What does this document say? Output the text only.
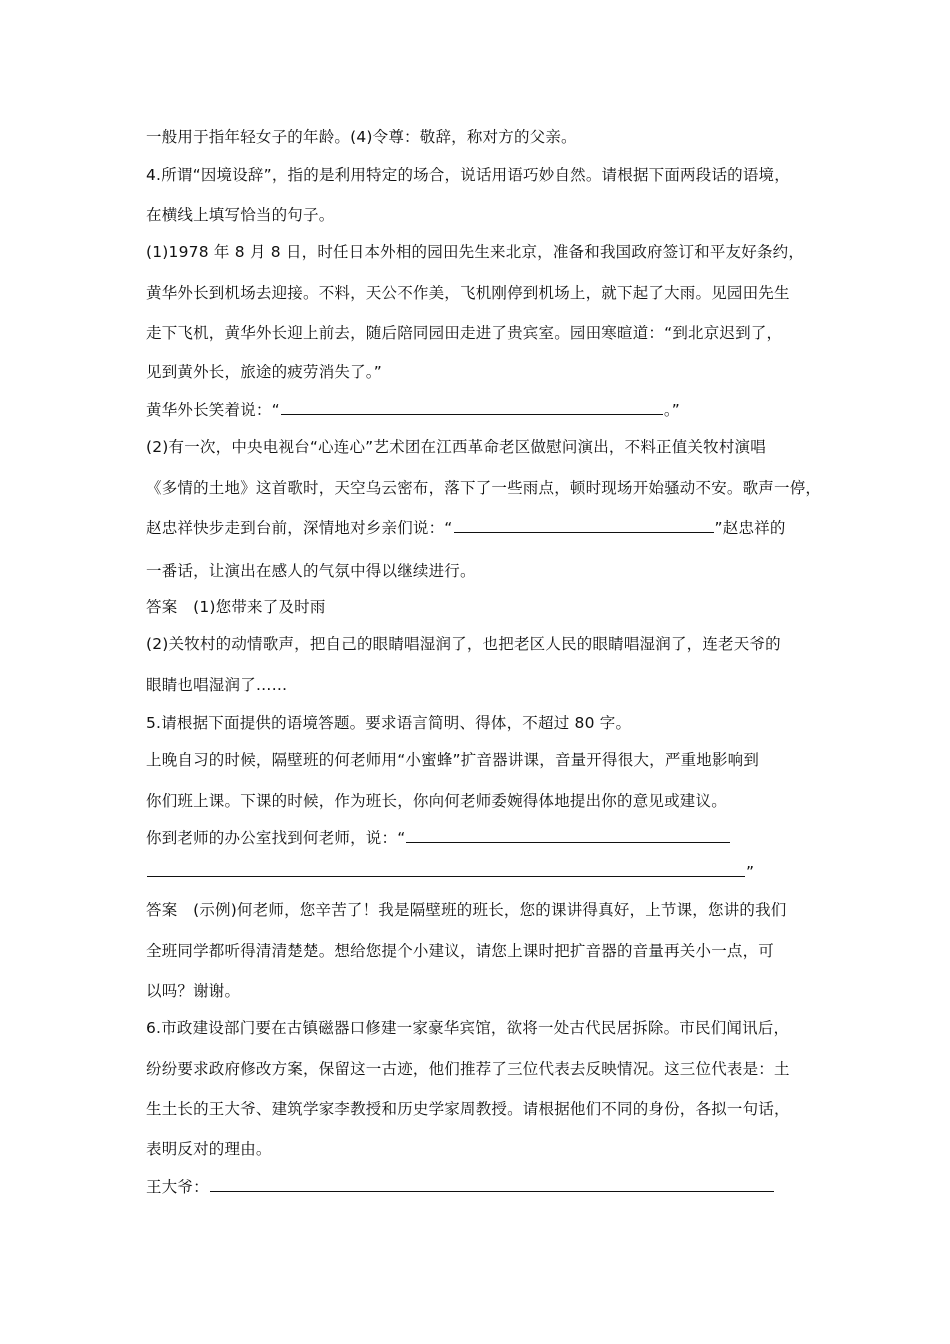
一般用于指年轻女子的年龄。(4)令尊：敬辞，称对方的父亲。
4.所谓“因境设辞”，指的是利用特定的场合，说话用语巧妙自然。请根据下面两段话的语境，
在横线上填写恰当的句子。
(1)1978 年 8 月 8 日，时任日本外相的园田先生来北京，准备和我国政府签订和平友好条约，
黄华外长到机场去迎接。不料，天公不作美，飞机刚停到机场上，就下起了大雨。见园田先生
走下飞机，黄华外长迎上前去，随后陪同园田走进了贵宾室。园田寒暄道：“到北京迟到了，
见到黄外长，旅途的疲劳消失了。”
黄华外长笑着说：“	。”
(2)有一次，中央电视台“心连心”艺术团在江西革命老区做慰问演出，不料正值关牧村演唱
《多情的土地》这首歌时，天空乌云密布，落下了一些雨点，顿时现场开始骚动不安。歌声一停，
赵忠祥快步走到台前，深情地对乡亲们说：“	”赵忠祥的
一番话，让演出在感人的气氛中得以继续进行。
答案　(1)您带来了及时雨
(2)关牧村的动情歌声，把自己的眼睛唱湿润了，也把老区人民的眼睛唱湿润了，连老天爷的
眼睛也唱湿润了……
5.请根据下面提供的语境答题。要求语言简明、得体，不超过 80 字。
上晚自习的时候，隔壁班的何老师用“小蜜蜂”扩音器讲课，音量开得很大，严重地影响到
你们班上课。下课的时候，作为班长，你向何老师委婉得体地提出你的意见或建议。
你到老师的办公室找到何老师，说：“
”
答案　(示例)何老师，您辛苦了！我是隔壁班的班长，您的课讲得真好，上节课，您讲的我们
全班同学都听得清清楚楚。想给您提个小建议，请您上课时把扩音器的音量再关小一点，可
以吗？谢谢。
6.市政建设部门要在古镇磁器口修建一家豪华宾馆，欲将一处古代民居拆除。市民们闻讯后，
纷纷要求政府修改方案，保留这一古迹，他们推荐了三位代表去反映情况。这三位代表是：土
生土长的王大爷、建筑学家李教授和历史学家周教授。请根据他们不同的身份，各拟一句话，
表明反对的理由。
王大爷：
